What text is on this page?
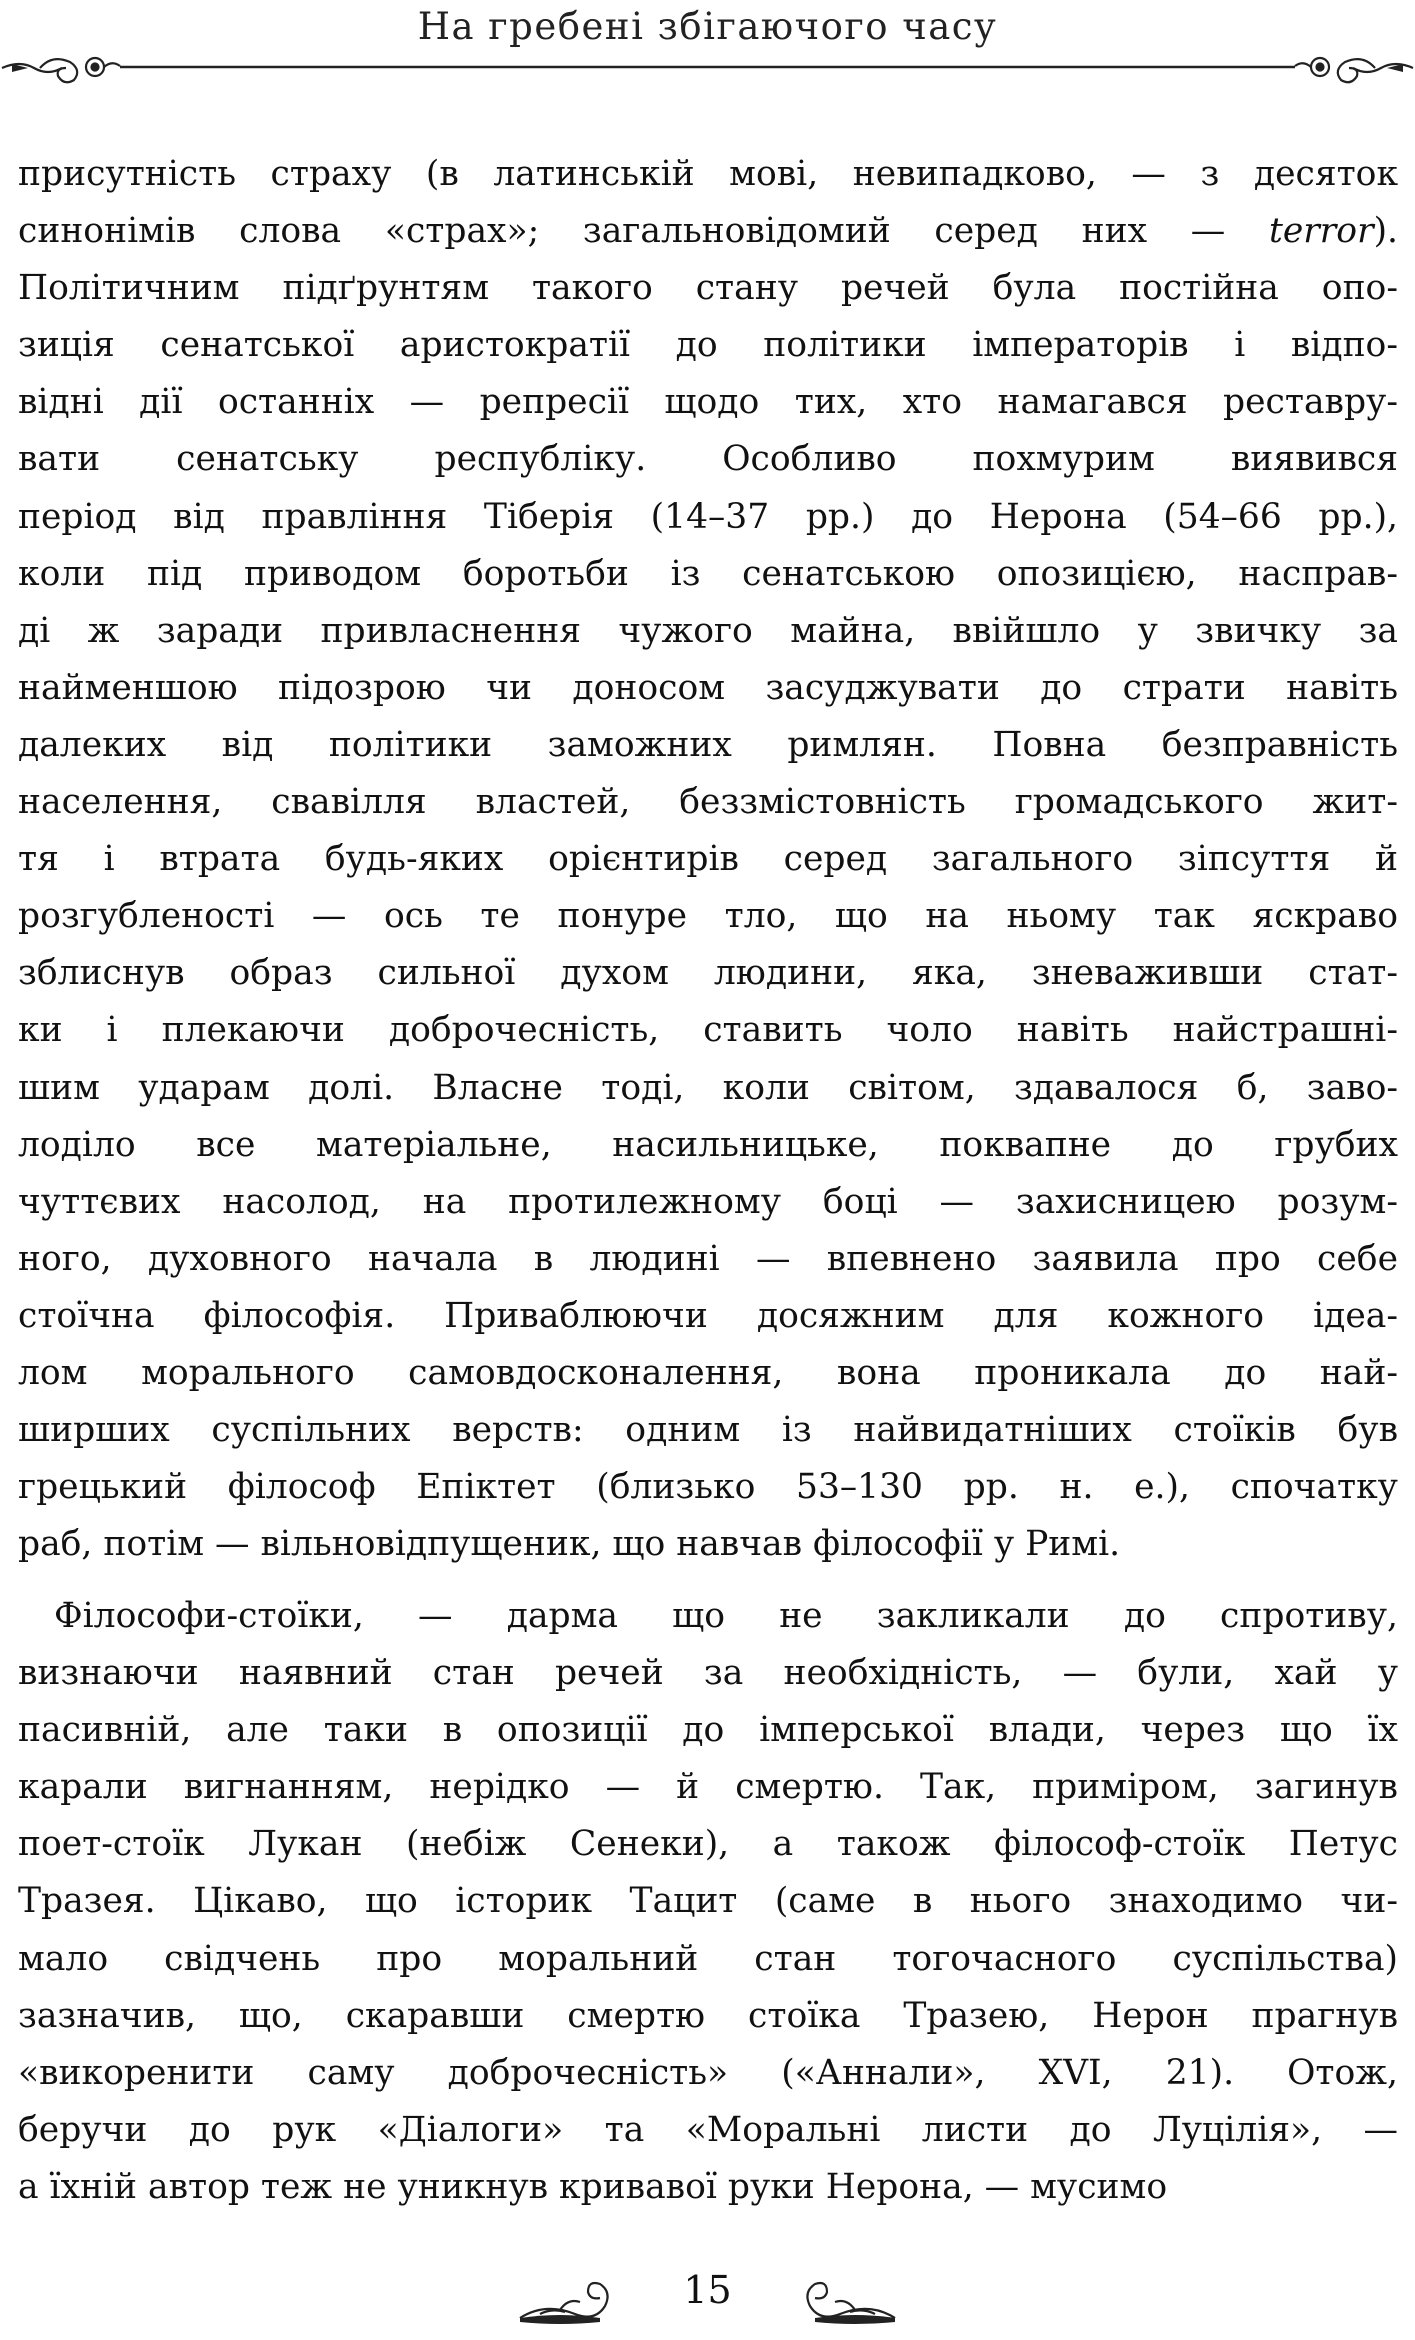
На гребені збігаючого часу
присутність страху (в латинській мові, невипадково, — з десяток
синонімів слова «страх»; загальновідомий серед них — terror).
Політичним підґрунтям такого стану речей була постійна опо-
зиція сенатської аристократії до політики імператорів і відпо-
відні дії останніх — репресії щодо тих, хто намагався реставру-
вати сенатську республіку. Особливо похмурим виявився
період від правління Тіберія (14–37 рр.) до Нерона (54–66 рр.),
коли під приводом боротьби із сенатською опозицією, насправ-
ді ж заради привласнення чужого майна, ввійшло у звичку за
найменшою підозрою чи доносом засуджувати до страти навіть
далеких від політики заможних римлян. Повна безправність
населення, свавілля властей, беззмістовність громадського жит-
тя і втрата будь-яких орієнтирів серед загального зіпсуття й
розгубленості — ось те понуре тло, що на ньому так яскраво
зблиснув образ сильної духом людини, яка, зневаживши стат-
ки і плекаючи доброчесність, ставить чоло навіть найстрашні-
шим ударам долі. Власне тоді, коли світом, здавалося б, заво-
лоділо все матеріальне, насильницьке, поквапне до грубих
чуттєвих насолод, на протилежному боці — захисницею розум-
ного, духовного начала в людині — впевнено заявила про себе
стоїчна філософія. Приваблюючи досяжним для кожного ідеа-
лом морального самовдосконалення, вона проникала до най-
ширших суспільних верств: одним із найвидатніших стоїків був
грецький філософ Епіктет (близько 53–130 рр. н. е.), спочатку
раб, потім — вільновідпущеник, що навчав філософії у Римі.
Філософи-стоїки, — дарма що не закликали до спротиву,
визнаючи наявний стан речей за необхідність, — були, хай у
пасивній, але таки в опозиції до імперської влади, через що їх
карали вигнанням, нерідко — й смертю. Так, приміром, загинув
поет-стоїк Лукан (небіж Сенеки), а також філософ-стоїк Петус
Тразея. Цікаво, що історик Тацит (саме в нього знаходимо чи-
мало свідчень про моральний стан тогочасного суспільства)
зазначив, що, скаравши смертю стоїка Тразею, Нерон прагнув
«викоренити саму доброчесність» («Аннали», XVI, 21). Отож,
беручи до рук «Діалоги» та «Моральні листи до Луцілія», —
а їхній автор теж не уникнув кривавої руки Нерона, — мусимо
15
